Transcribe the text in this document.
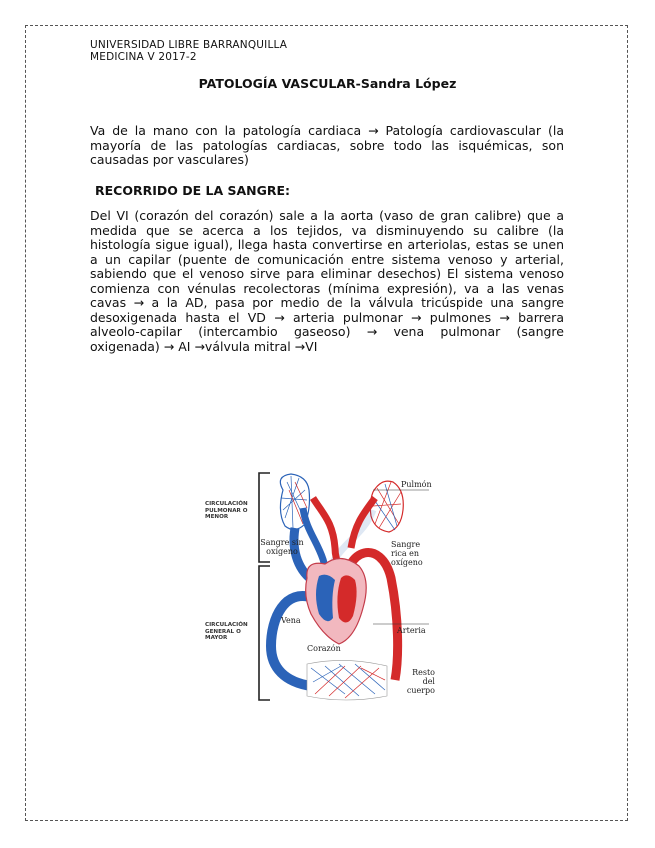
UNIVERSIDAD LIBRE BARRANQUILLA
MEDICINA V 2017-2
PATOLOGÍA VASCULAR-Sandra López
Va de la mano con la patología cardiaca → Patología cardiovascular (la mayoría de las patologías cardiacas, sobre todo las isquémicas, son causadas por vasculares)
RECORRIDO DE LA SANGRE:
Del VI (corazón del corazón) sale a la aorta (vaso de gran calibre) que a medida que se acerca a los tejidos, va disminuyendo su calibre (la histología sigue igual), llega hasta convertirse en arteriolas, estas se unen a un capilar (puente de comunicación entre sistema venoso y arterial, sabiendo que el venoso sirve para eliminar desechos) El sistema venoso comienza con vénulas recolectoras (mínima expresión), va a las venas cavas → a la AD, pasa por medio de la válvula tricúspide una sangre desoxigenada hasta el VD → arteria pulmonar → pulmones → barrera alveolo-capilar (intercambio gaseoso) → vena pulmonar (sangre oxigenada) → AI →válvula mitral →VI
CIRCULACIÓN
PULMONAR O
MENOR
CIRCULACIÓN
GENERAL O
MAYOR
Pulmón
Sangre sin
oxígeno
Sangre
rica en
oxígeno
Vena
Corazón
Arteria
Resto
del cuerpo
